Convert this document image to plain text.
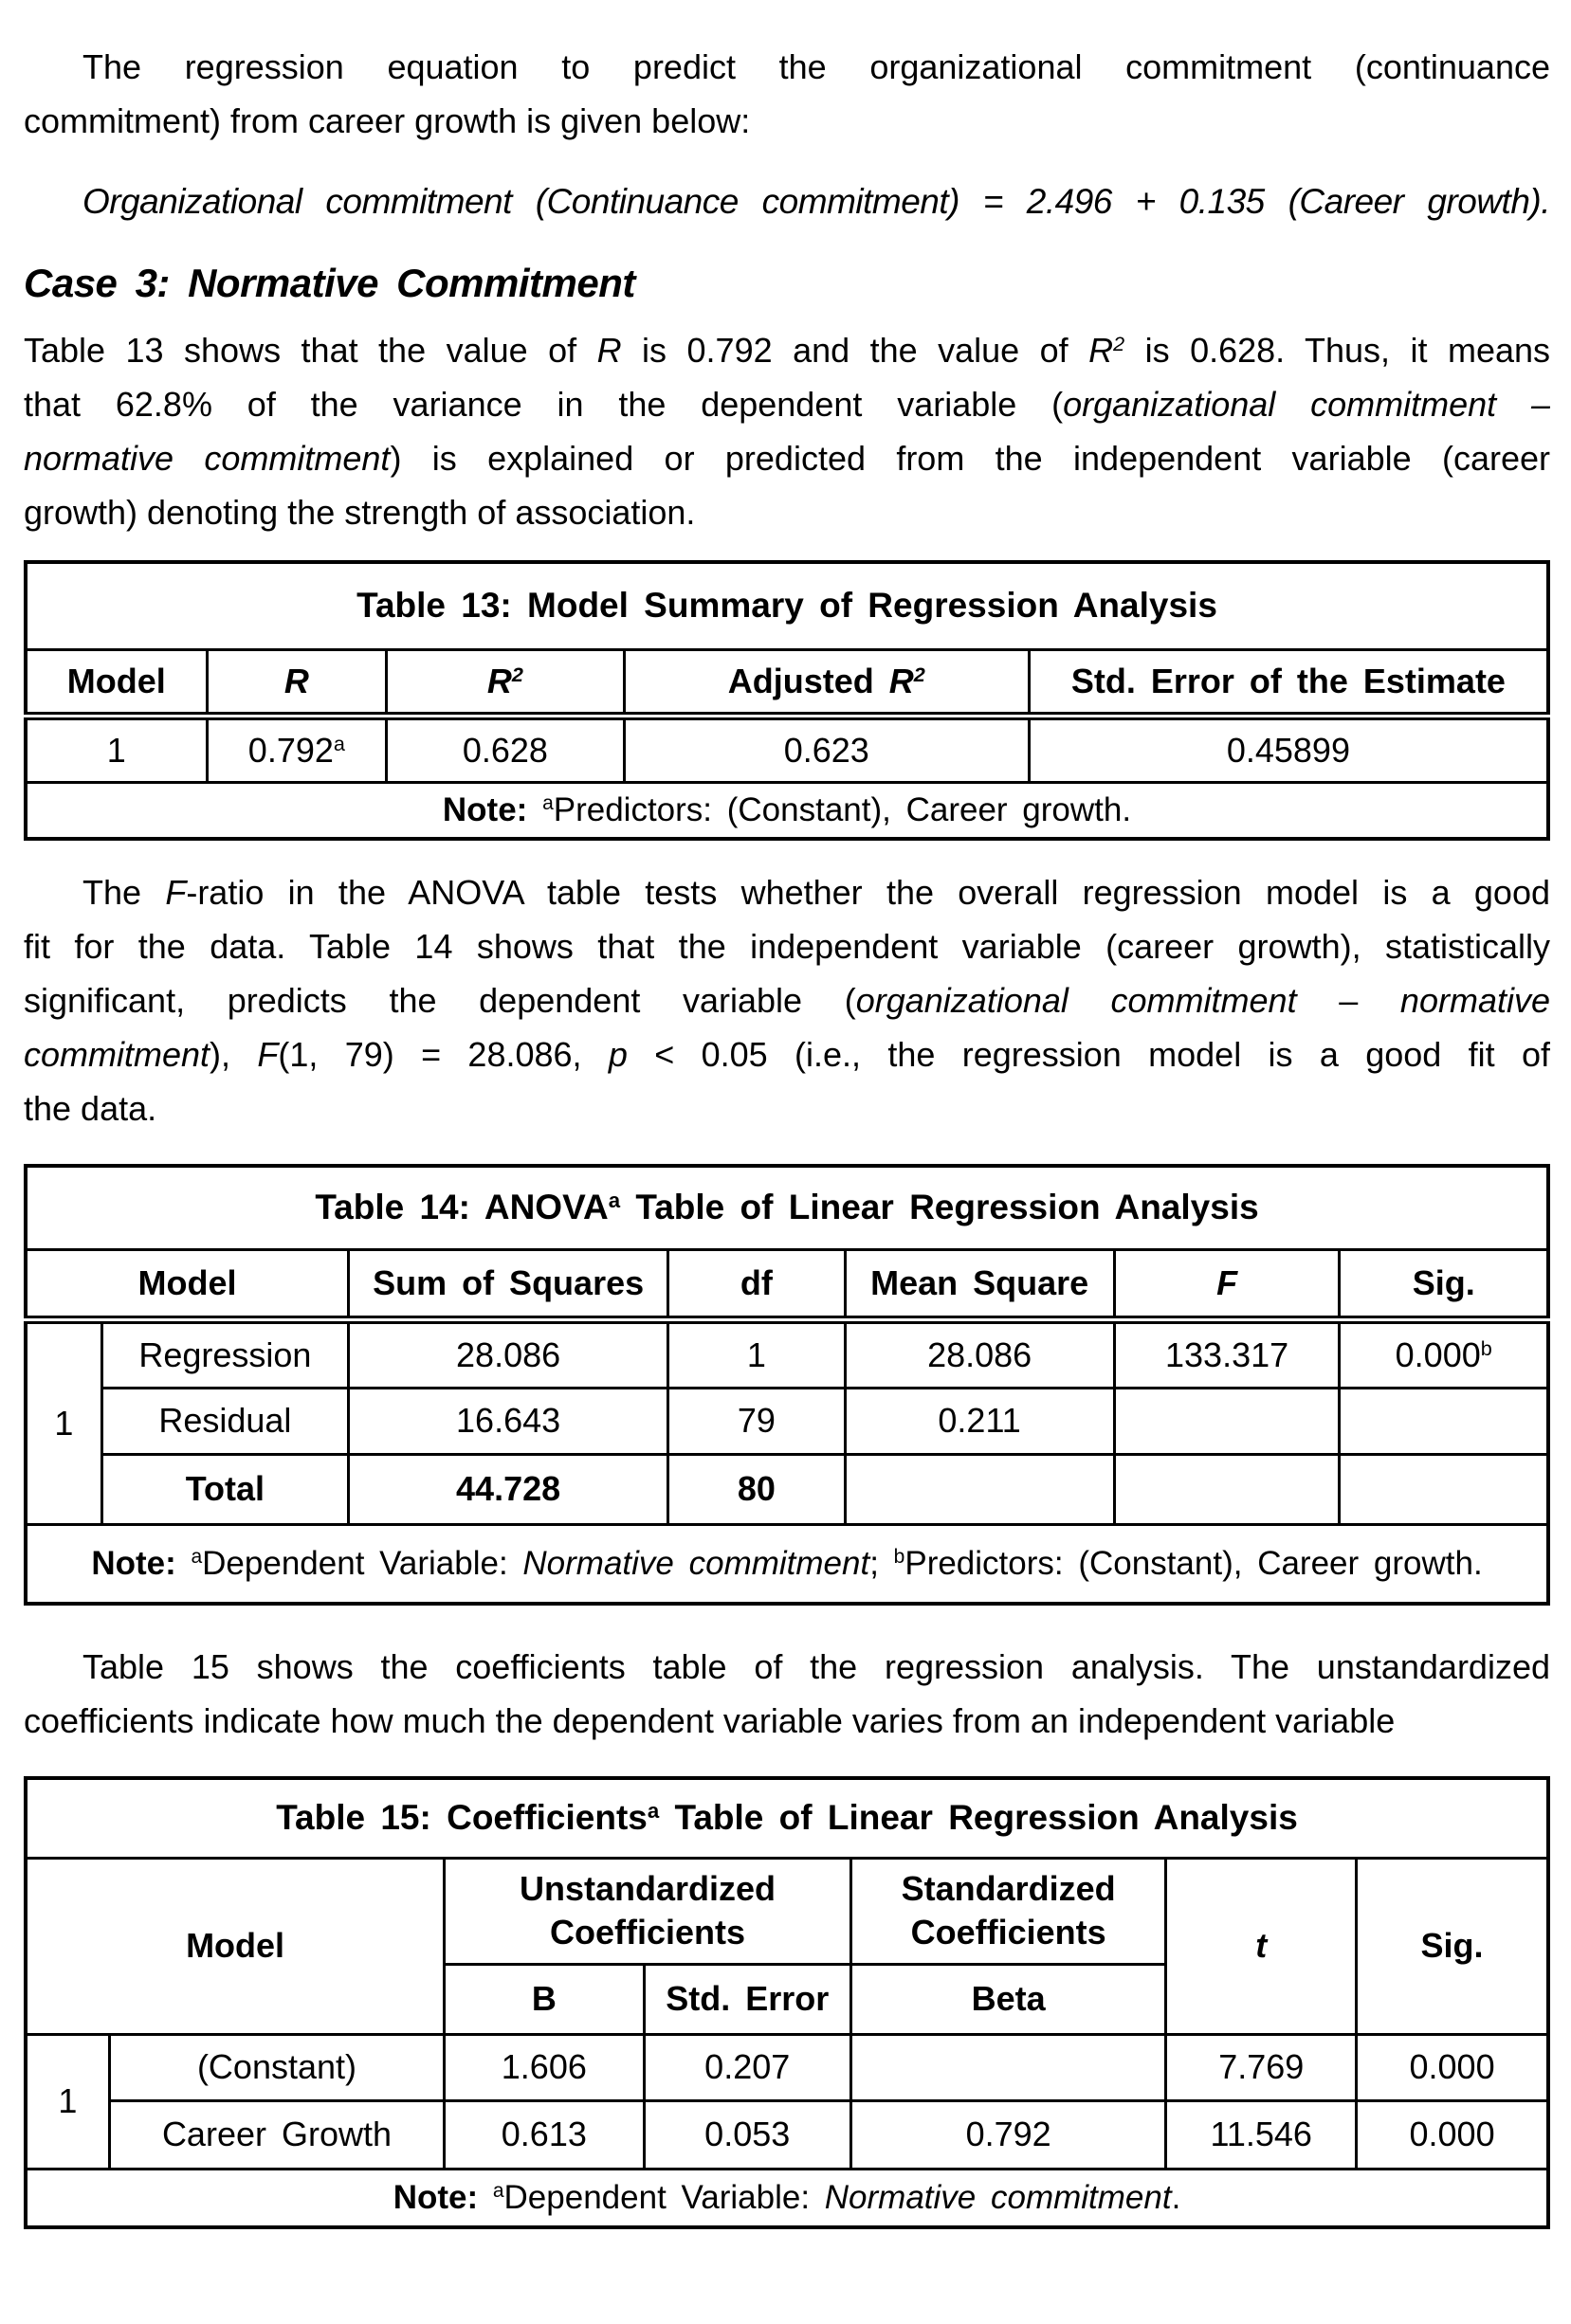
The regression equation to predict the organizational commitment (continuance
commitment) from career growth is given below:
Organizational commitment (Continuance commitment) = 2.496 + 0.135 (Career growth).
Case 3: Normative Commitment
Table 13 shows that the value of R is 0.792 and the value of $R^2$ is 0.628. Thus, it means
that 62.8% of the variance in the dependent variable (organizational commitment –
normative commitment) is explained or predicted from the independent variable (career
growth) denoting the strength of association.
Table 13: Model Summary of Regression Analysis				
Model	R	$R^2$	Adjusted $R^2$	Std. Error of the Estimate
1	0.792$^a$	0.628	0.623	0.45899
Note: $^a$Predictors: (Constant), Career growth.				
The F-ratio in the ANOVA table tests whether the overall regression model is a good
fit for the data. Table 14 shows that the independent variable (career growth), statistically
significant, predicts the dependent variable (organizational commitment – normative
commitment), F(1, 79) = 28.086, p < 0.05 (i.e., the regression model is a good fit of
the data.
Table 14: ANOVA$^a$ Table of Linear Regression Analysis						
Model		Sum of Squares	df	Mean Square	F	Sig.
1	Regression	28.086	1	28.086	133.317	0.000$^b$
	Residual	16.643	79	0.211		
	Total	44.728	80			
Note: $^a$Dependent Variable: Normative commitment; $^b$Predictors: (Constant), Career growth.						
Table 15 shows the coefficients table of the regression analysis. The unstandardized
coefficients indicate how much the dependent variable varies from an independent variable
Table 15: Coefficients$^a$ Table of Linear Regression Analysis						
Model		Unstandardized Coefficients		Standardized Coefficients	t	Sig.
		B	Std. Error	Beta		
1	(Constant)	1.606	0.207		7.769	0.000
	Career Growth	0.613	0.053	0.792	11.546	0.000
Note: $^a$Dependent Variable: Normative commitment.						
